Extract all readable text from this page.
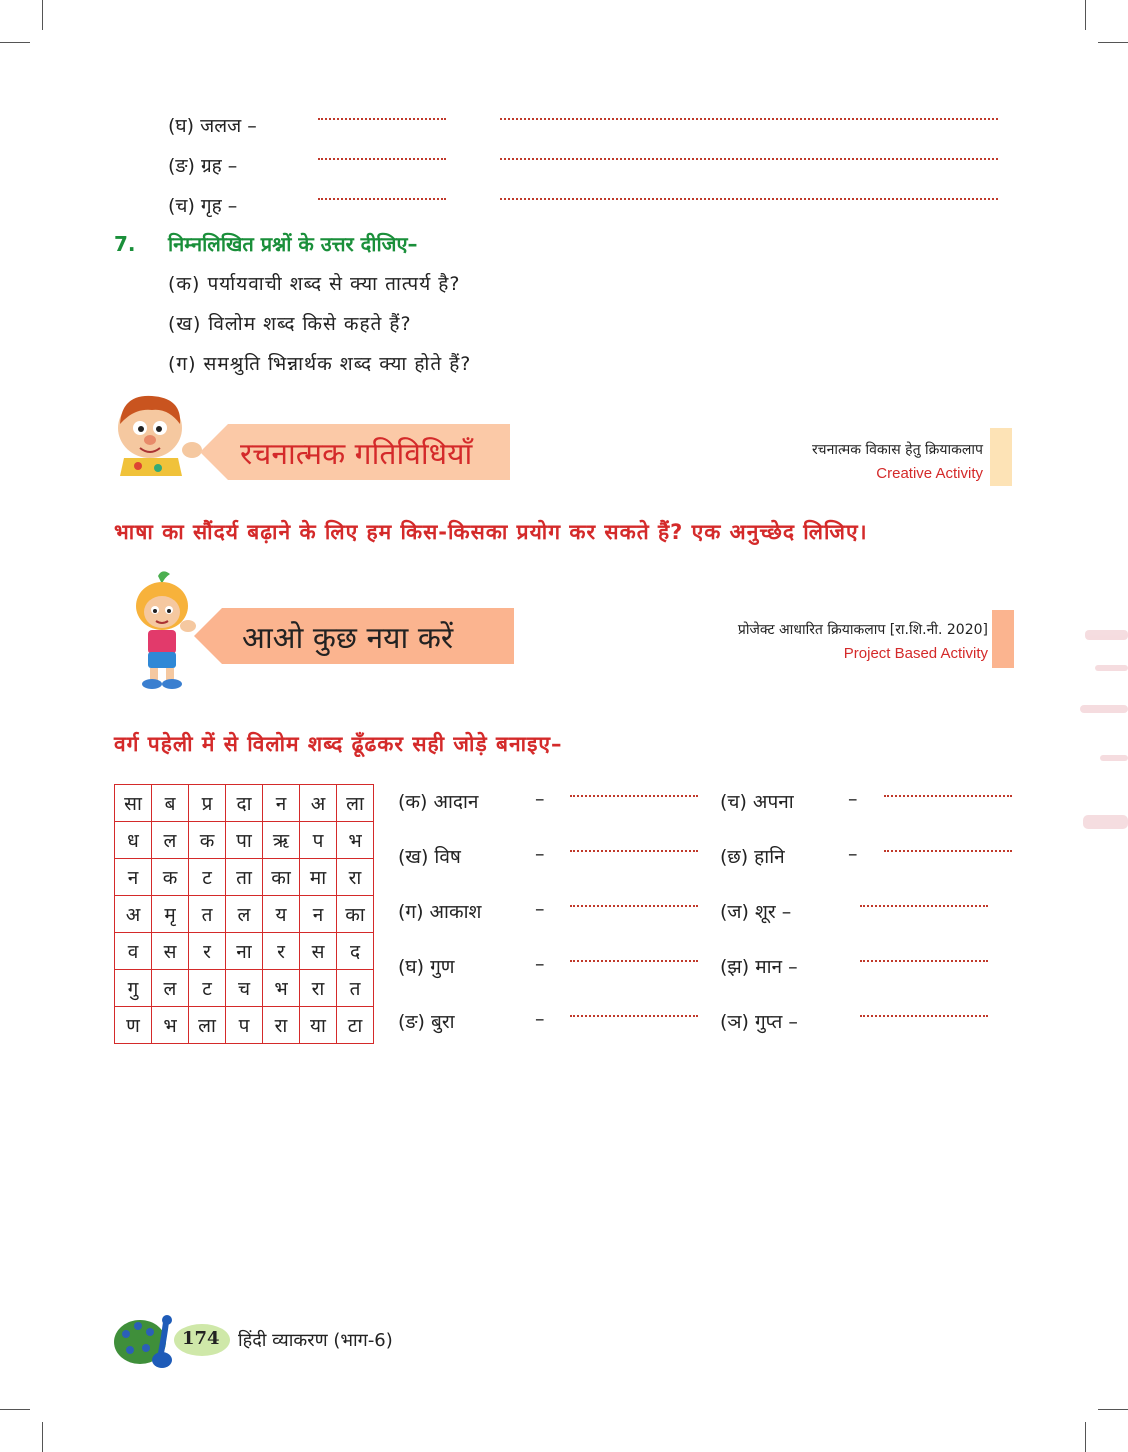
(घ) जलज –
(ङ) ग्रह –
(च) गृह –
7. निम्नलिखित प्रश्नों के उत्तर दीजिए–
(क) पर्यायवाची शब्द से क्या तात्पर्य है?
(ख) विलोम शब्द किसे कहते हैं?
(ग) समश्रुति भिन्नार्थक शब्द क्या होते हैं?
रचनात्मक गतिविधियाँ	रचनात्मक विकास हेतु क्रियाकलाप
Creative Activity
भाषा का सौंदर्य बढ़ाने के लिए हम किस-किसका प्रयोग कर सकते हैं? एक अनुच्छेद लिजिए।
आओ कुछ नया करें	प्रोजेक्ट आधारित क्रियाकलाप [रा.शि.नी. 2020]
Project Based Activity
वर्ग पहेली में से विलोम शब्द ढूँढकर सही जोड़े बनाइए–
सा	ब	प्र	दा	न	अ	ला
ध	ल	क	पा	ऋ	प	भ
न	क	ट	ता	का	मा	रा
अ	मृ	त	ल	य	न	का
व	स	र	ना	र	स	द
गु	ल	ट	च	भ	रा	त
ण	भ	ला	प	रा	या	टा
(क) आदान	–
(ख) विष	–
(ग) आकाश	–
(घ) गुण	–
(ङ) बुरा	–
(च) अपना	–
(छ) हानि	–
(ज) शूर –
(झ) मान –
(ञ) गुप्त –
174 हिंदी व्याकरण (भाग-6)
